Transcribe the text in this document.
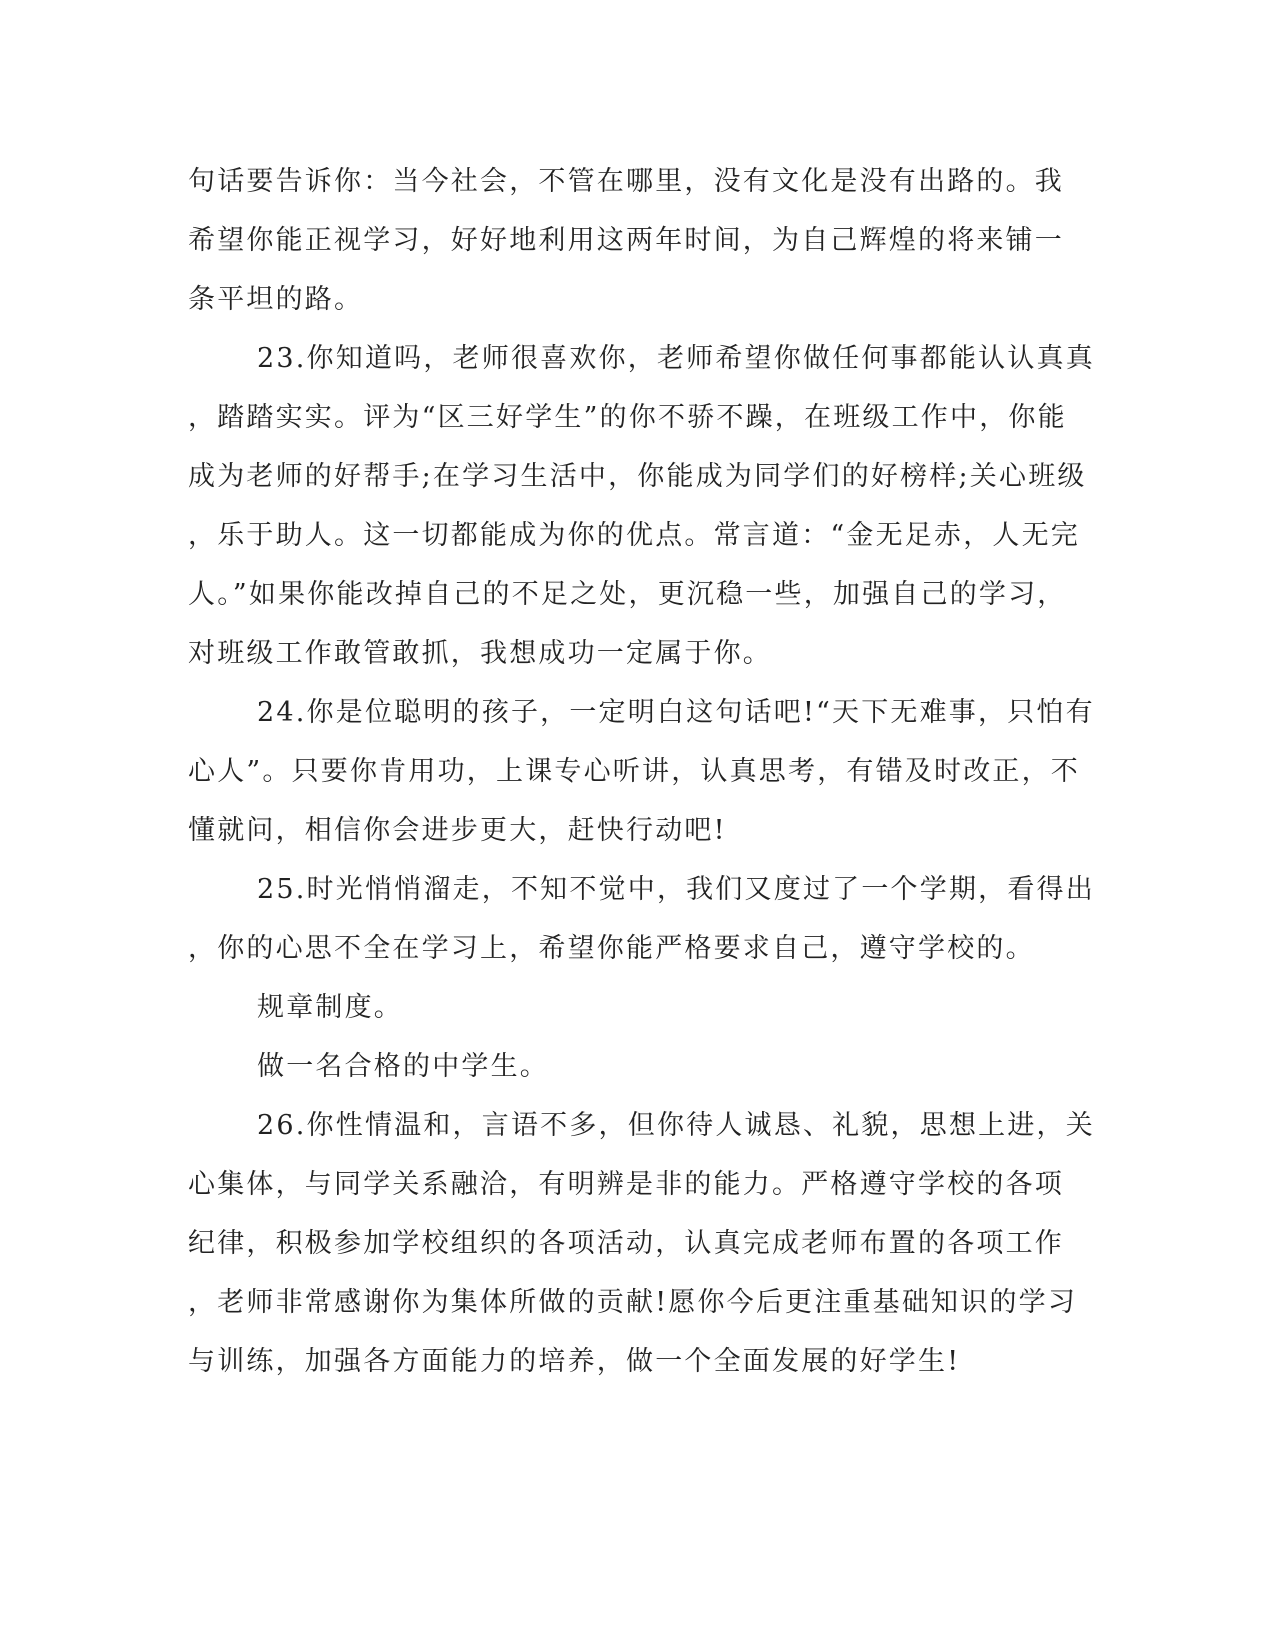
句话要告诉你：当今社会，不管在哪里，没有文化是没有出路的。我
希望你能正视学习，好好地利用这两年时间，为自己辉煌的将来铺一
条平坦的路。
23.你知道吗，老师很喜欢你，老师希望你做任何事都能认认真真
，踏踏实实。评为“区三好学生”的你不骄不躁，在班级工作中，你能
成为老师的好帮手;在学习生活中，你能成为同学们的好榜样;关心班级
，乐于助人。这一切都能成为你的优点。常言道：“金无足赤，人无完
人。”如果你能改掉自己的不足之处，更沉稳一些，加强自己的学习，
对班级工作敢管敢抓，我想成功一定属于你。
24.你是位聪明的孩子，一定明白这句话吧!“天下无难事，只怕有
心人”。只要你肯用功，上课专心听讲，认真思考，有错及时改正，不
懂就问，相信你会进步更大，赶快行动吧!
25.时光悄悄溜走，不知不觉中，我们又度过了一个学期，看得出
，你的心思不全在学习上，希望你能严格要求自己，遵守学校的。
规章制度。
做一名合格的中学生。
26.你性情温和，言语不多，但你待人诚恳、礼貌，思想上进，关
心集体，与同学关系融洽，有明辨是非的能力。严格遵守学校的各项
纪律，积极参加学校组织的各项活动，认真完成老师布置的各项工作
，老师非常感谢你为集体所做的贡献!愿你今后更注重基础知识的学习
与训练，加强各方面能力的培养，做一个全面发展的好学生!
